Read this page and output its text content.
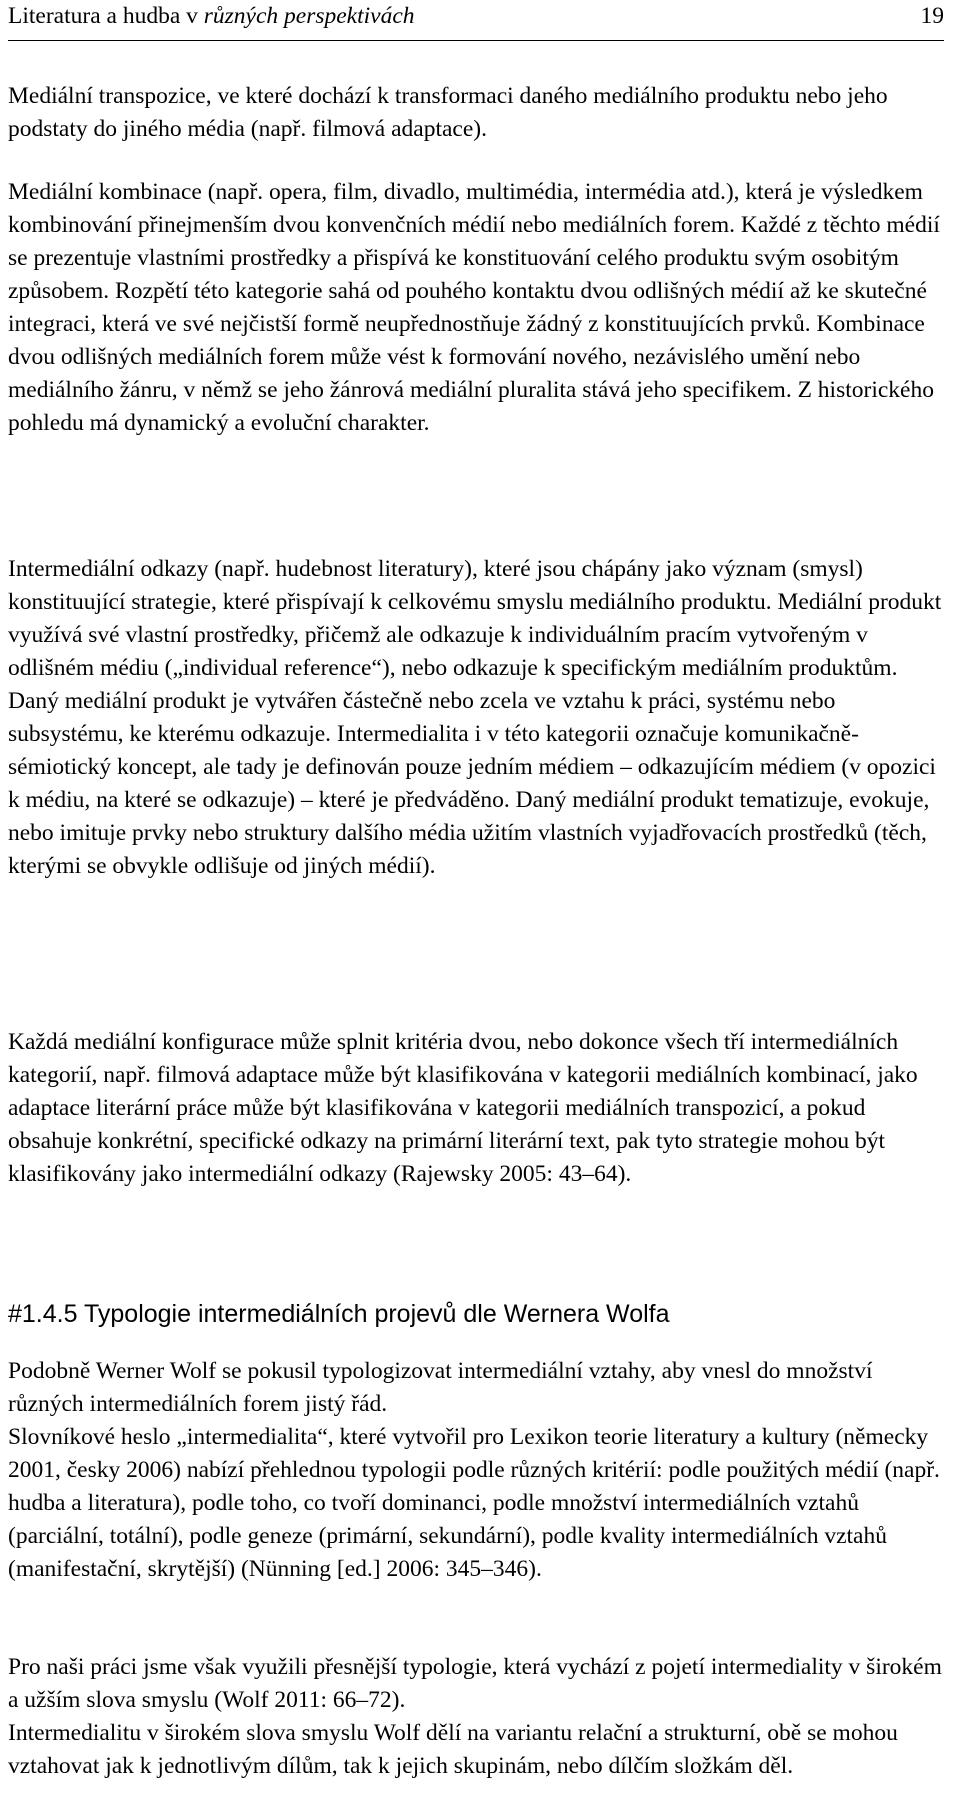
Literatura a hudba v různých perspektivách	19

Mediální transpozice, ve které dochází k transformaci daného mediálního produktu nebo jeho podstaty do jiného média (např. filmová adaptace).

Mediální kombinace (např. opera, film, divadlo, multimédia, intermédia atd.), která je výsledkem kombinování přinejmenším dvou konvenčních médií nebo mediálních forem. Každé z těchto médií se prezentuje vlastními prostředky a přispívá ke konstituování celého produktu svým osobitým způsobem. Rozpětí této kategorie sahá od pouhého kontaktu dvou odlišných médií až ke skutečné integraci, která ve své nejčistší formě neupřednostňuje žádný z konstituujících prvků. Kombinace dvou odlišných mediálních forem může vést k formování nového, nezávislého umění nebo mediálního žánru, v němž se jeho žánrová mediální pluralita stává jeho specifikem. Z historického pohledu má dynamický a evoluční charakter.

Intermediální odkazy (např. hudebnost literatury), které jsou chápány jako význam (smysl) konstituující strategie, které přispívají k celkovému smyslu mediálního produktu. Mediální produkt využívá své vlastní prostředky, přičemž ale odkazuje k individuálním pracím vytvořeným v odlišném médiu („individual reference“), nebo odkazuje k specifickým mediálním produktům. Daný mediální produkt je vytvářen částečně nebo zcela ve vztahu k práci, systému nebo subsystému, ke kterému odkazuje. Intermedialita i v této kategorii označuje komunikačně-sémiotický koncept, ale tady je definován pouze jedním médiem – odkazujícím médiem (v opozici k médiu, na které se odkazuje) – které je předváděno. Daný mediální produkt tematizuje, evokuje, nebo imituje prvky nebo struktury dalšího média užitím vlastních vyjadřovacích prostředků (těch, kterými se obvykle odlišuje od jiných médií).

Každá mediální konfigurace může splnit kritéria dvou, nebo dokonce všech tří intermediálních kategorií, např. filmová adaptace může být klasifikována v kategorii mediálních kombinací, jako adaptace literární práce může být klasifikována v kategorii mediálních transpozicí, a pokud obsahuje konkrétní, specifické odkazy na primární literární text, pak tyto strategie mohou být klasifikovány jako intermediální odkazy (Rajewsky 2005: 43–64).

#1.4.5 Typologie intermediálních projevů dle Wernera Wolfa

Podobně Werner Wolf se pokusil typologizovat intermediální vztahy, aby vnesl do množství různých intermediálních forem jistý řád.

Slovníkové heslo „intermedialita“, které vytvořil pro Lexikon teorie literatury a kultury (německy 2001, česky 2006) nabízí přehlednou typologii podle různých kritérií: podle použitých médií (např. hudba a literatura), podle toho, co tvoří dominanci, podle množství intermediálních vztahů (parciální, totální), podle geneze (primární, sekundární), podle kvality intermediálních vztahů (manifestační, skrytější) (Nünning [ed.] 2006: 345–346).

Pro naši práci jsme však využili přesnější typologie, která vychází z pojetí intermediality v širokém a užším slova smyslu (Wolf 2011: 66–72).

Intermedialitu v širokém slova smyslu Wolf dělí na variantu relační a strukturní, obě se mohou vztahovat jak k jednotlivým dílům, tak k jejich skupinám, nebo dílčím složkám děl.
